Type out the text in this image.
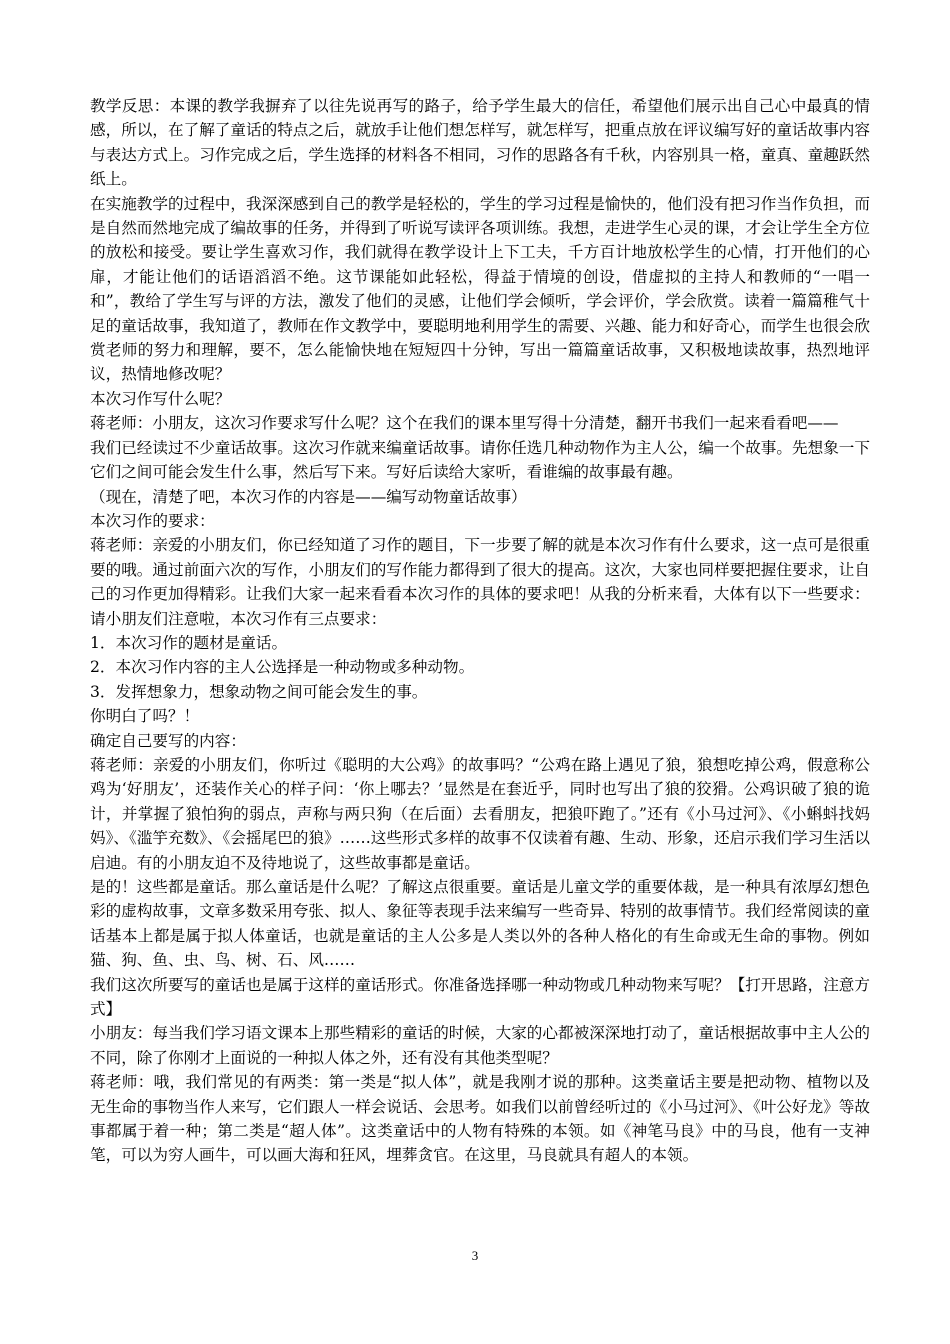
教学反思：本课的教学我摒弃了以往先说再写的路子，给予学生最大的信任，希望他们展示出自己心中最真的情感，所以，在了解了童话的特点之后，就放手让他们想怎样写，就怎样写，把重点放在评议编写好的童话故事内容与表达方式上。习作完成之后，学生选择的材料各不相同，习作的思路各有千秋，内容别具一格，童真、童趣跃然纸上。

在实施教学的过程中，我深深感到自己的教学是轻松的，学生的学习过程是愉快的，他们没有把习作当作负担，而是自然而然地完成了编故事的任务，并得到了听说写读评各项训练。我想，走进学生心灵的课，才会让学生全方位的放松和接受。要让学生喜欢习作，我们就得在教学设计上下工夫，千方百计地放松学生的心情，打开他们的心扉，才能让他们的话语滔滔不绝。这节课能如此轻松，得益于情境的创设，借虚拟的主持人和教师的“一唱一和”，教给了学生写与评的方法，激发了他们的灵感，让他们学会倾听，学会评价，学会欣赏。读着一篇篇稚气十足的童话故事，我知道了，教师在作文教学中，要聪明地利用学生的需要、兴趣、能力和好奇心，而学生也很会欣赏老师的努力和理解，要不，怎么能愉快地在短短四十分钟，写出一篇篇童话故事，又积极地读故事，热烈地评议，热情地修改呢？

本次习作写什么呢？

蒋老师：小朋友，这次习作要求写什么呢？这个在我们的课本里写得十分清楚，翻开书我们一起来看看吧——

我们已经读过不少童话故事。这次习作就来编童话故事。请你任选几种动物作为主人公，编一个故事。先想象一下它们之间可能会发生什么事，然后写下来。写好后读给大家听，看谁编的故事最有趣。

（现在，清楚了吧，本次习作的内容是——编写动物童话故事）

本次习作的要求：

蒋老师：亲爱的小朋友们，你已经知道了习作的题目，下一步要了解的就是本次习作有什么要求，这一点可是很重要的哦。通过前面六次的写作，小朋友们的写作能力都得到了很大的提高。这次，大家也同样要把握住要求，让自己的习作更加得精彩。让我们大家一起来看看本次习作的具体的要求吧！从我的分析来看，大体有以下一些要求：

请小朋友们注意啦，本次习作有三点要求：

1．本次习作的题材是童话。

2．本次习作内容的主人公选择是一种动物或多种动物。

3．发挥想象力，想象动物之间可能会发生的事。

你明白了吗？！

确定自己要写的内容：

蒋老师：亲爱的小朋友们，你听过《聪明的大公鸡》的故事吗？“公鸡在路上遇见了狼，狼想吃掉公鸡，假意称公鸡为‘好朋友’，还装作关心的样子问：‘你上哪去？’显然是在套近乎，同时也写出了狼的狡猾。公鸡识破了狼的诡计，并掌握了狼怕狗的弱点，声称与两只狗（在后面）去看朋友，把狼吓跑了。”还有《小马过河》、《小蝌蚪找妈妈》、《滥竽充数》、《会摇尾巴的狼》……这些形式多样的故事不仅读着有趣、生动、形象，还启示我们学习生活以启迪。有的小朋友迫不及待地说了，这些故事都是童话。

是的！这些都是童话。那么童话是什么呢？了解这点很重要。童话是儿童文学的重要体裁，是一种具有浓厚幻想色彩的虚构故事，文章多数采用夸张、拟人、象征等表现手法来编写一些奇异、特别的故事情节。我们经常阅读的童话基本上都是属于拟人体童话，也就是童话的主人公多是人类以外的各种人格化的有生命或无生命的事物。例如猫、狗、鱼、虫、鸟、树、石、风……

我们这次所要写的童话也是属于这样的童话形式。你准备选择哪一种动物或几种动物来写呢？【打开思路，注意方式】

小朋友：每当我们学习语文课本上那些精彩的童话的时候，大家的心都被深深地打动了，童话根据故事中主人公的不同，除了你刚才上面说的一种拟人体之外，还有没有其他类型呢？

蒋老师：哦，我们常见的有两类：第一类是“拟人体”，就是我刚才说的那种。这类童话主要是把动物、植物以及无生命的事物当作人来写，它们跟人一样会说话、会思考。如我们以前曾经听过的《小马过河》、《叶公好龙》等故事都属于着一种；第二类是“超人体”。这类童话中的人物有特殊的本领。如《神笔马良》中的马良，他有一支神笔，可以为穷人画牛，可以画大海和狂风，埋葬贪官。在这里，马良就具有超人的本领。

3
